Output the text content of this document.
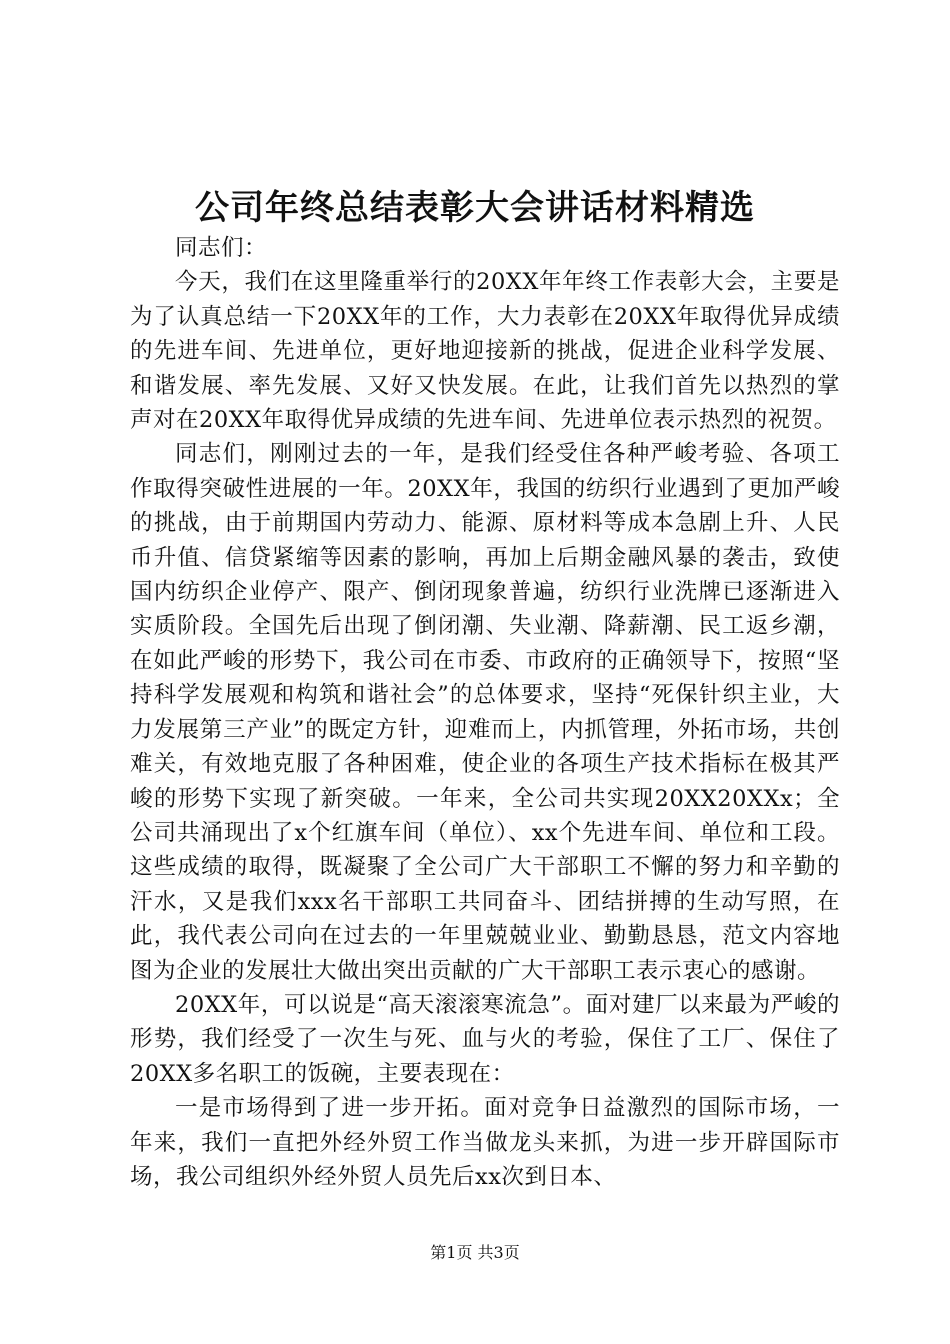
公司年终总结表彰大会讲话材料精选

同志们：

今天，我们在这里隆重举行的20XX年年终工作表彰大会，主要是为了认真总结一下20XX年的工作，大力表彰在20XX年取得优异成绩的先进车间、先进单位，更好地迎接新的挑战，促进企业科学发展、和谐发展、率先发展、又好又快发展。在此，让我们首先以热烈的掌声对在20XX年取得优异成绩的先进车间、先进单位表示热烈的祝贺。

同志们，刚刚过去的一年，是我们经受住各种严峻考验、各项工作取得突破性进展的一年。20XX年，我国的纺织行业遇到了更加严峻的挑战，由于前期国内劳动力、能源、原材料等成本急剧上升、人民币升值、信贷紧缩等因素的影响，再加上后期金融风暴的袭击，致使国内纺织企业停产、限产、倒闭现象普遍，纺织行业洗牌已逐渐进入实质阶段。全国先后出现了倒闭潮、失业潮、降薪潮、民工返乡潮，在如此严峻的形势下，我公司在市委、市政府的正确领导下，按照“坚持科学发展观和构筑和谐社会”的总体要求，坚持“死保针织主业，大力发展第三产业”的既定方针，迎难而上，内抓管理，外拓市场，共创难关，有效地克服了各种困难，使企业的各项生产技术指标在极其严峻的形势下实现了新突破。一年来，全公司共实现20XX20XXx；全公司共涌现出了x个红旗车间（单位）、xx个先进车间、单位和工段。这些成绩的取得，既凝聚了全公司广大干部职工不懈的努力和辛勤的汗水，又是我们xxx名干部职工共同奋斗、团结拼搏的生动写照，在此，我代表公司向在过去的一年里兢兢业业、勤勤恳恳，范文内容地图为企业的发展壮大做出突出贡献的广大干部职工表示衷心的感谢。

20XX年，可以说是“高天滚滚寒流急”。面对建厂以来最为严峻的形势，我们经受了一次生与死、血与火的考验，保住了工厂、保住了20XX多名职工的饭碗，主要表现在：

一是市场得到了进一步开拓。面对竞争日益激烈的国际市场，一年来，我们一直把外经外贸工作当做龙头来抓，为进一步开辟国际市场，我公司组织外经外贸人员先后xx次到日本、

第1页 共3页
